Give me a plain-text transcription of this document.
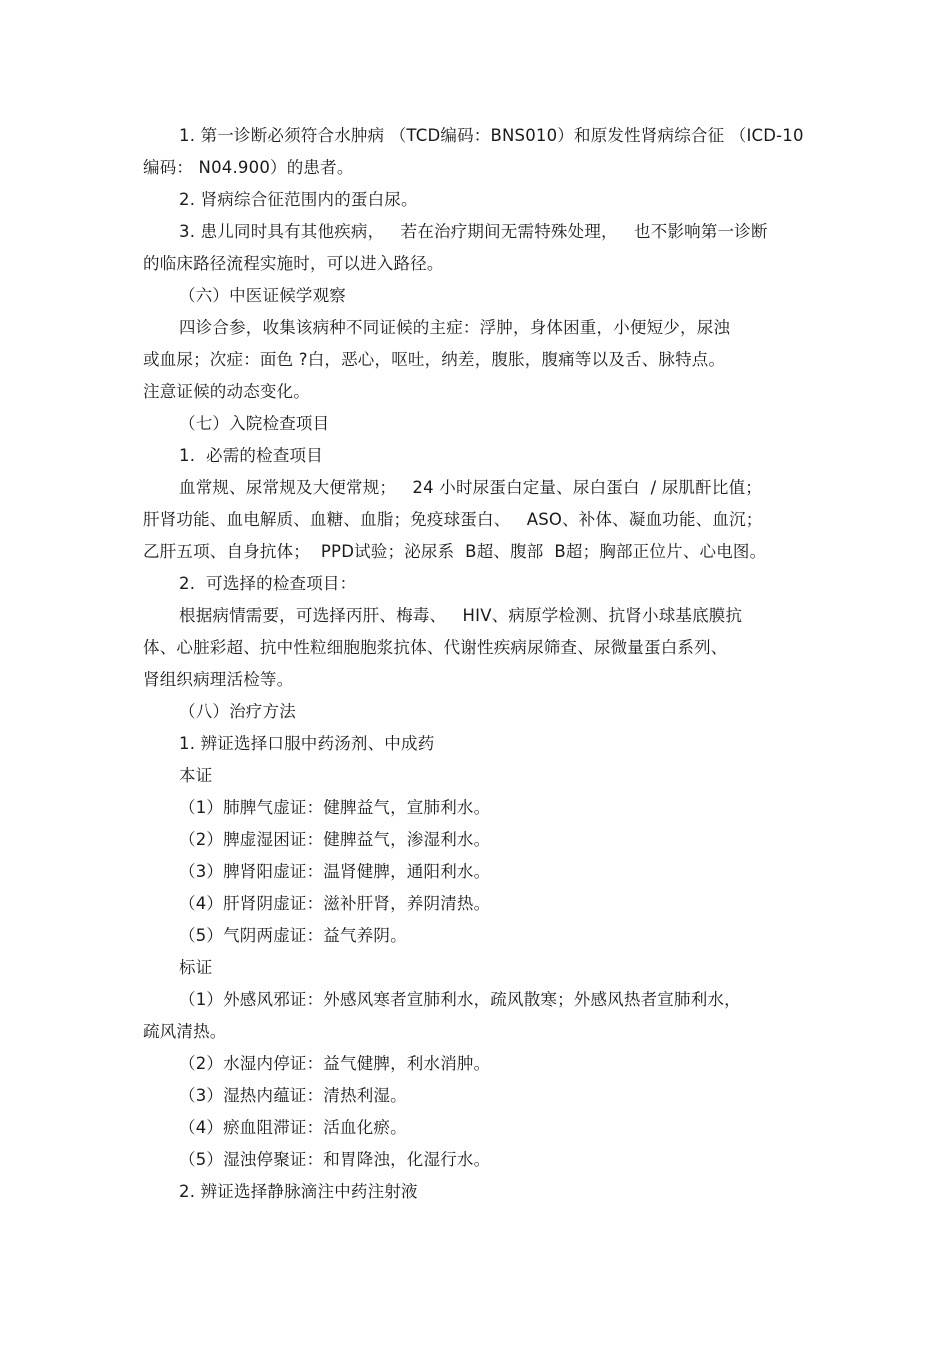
1. 第一诊断必须符合水肿病 （TCD编码：BNS010）和原发性肾病综合征 （ICD-10
编码： N04.900）的患者。
2. 肾病综合征范围内的蛋白尿。
3. 患儿同时具有其他疾病，   若在治疗期间无需特殊处理，   也不影响第一诊断
的临床路径流程实施时，可以进入路径。
（六）中医证候学观察
四诊合参，收集该病种不同证候的主症：浮肿，身体困重，小便短少，尿浊
或血尿；次症：面色 ?白，恶心，呕吐，纳差，腹胀，腹痛等以及舌、脉特点。
注意证候的动态变化。
（七）入院检查项目
1.  必需的检查项目
血常规、尿常规及大便常规；   24 小时尿蛋白定量、尿白蛋白  / 尿肌酐比值；
肝肾功能、血电解质、血糖、血脂；免疫球蛋白、   ASO、补体、凝血功能、血沉；
乙肝五项、自身抗体；  PPD试验；泌尿系  B超、腹部  B超；胸部正位片、心电图。
2.  可选择的检查项目：
根据病情需要，可选择丙肝、梅毒、   HIV、病原学检测、抗肾小球基底膜抗
体、心脏彩超、抗中性粒细胞胞浆抗体、代谢性疾病尿筛查、尿微量蛋白系列、
肾组织病理活检等。
（八）治疗方法
1. 辨证选择口服中药汤剂、中成药
本证
（1）肺脾气虚证：健脾益气，宣肺利水。
（2）脾虚湿困证：健脾益气，渗湿利水。
（3）脾肾阳虚证：温肾健脾，通阳利水。
（4）肝肾阴虚证：滋补肝肾，养阴清热。
（5）气阴两虚证：益气养阴。
标证
（1）外感风邪证：外感风寒者宣肺利水，疏风散寒；外感风热者宣肺利水，
疏风清热。
（2）水湿内停证：益气健脾，利水消肿。
（3）湿热内蕴证：清热利湿。
（4）瘀血阻滞证：活血化瘀。
（5）湿浊停聚证：和胃降浊，化湿行水。
2. 辨证选择静脉滴注中药注射液
